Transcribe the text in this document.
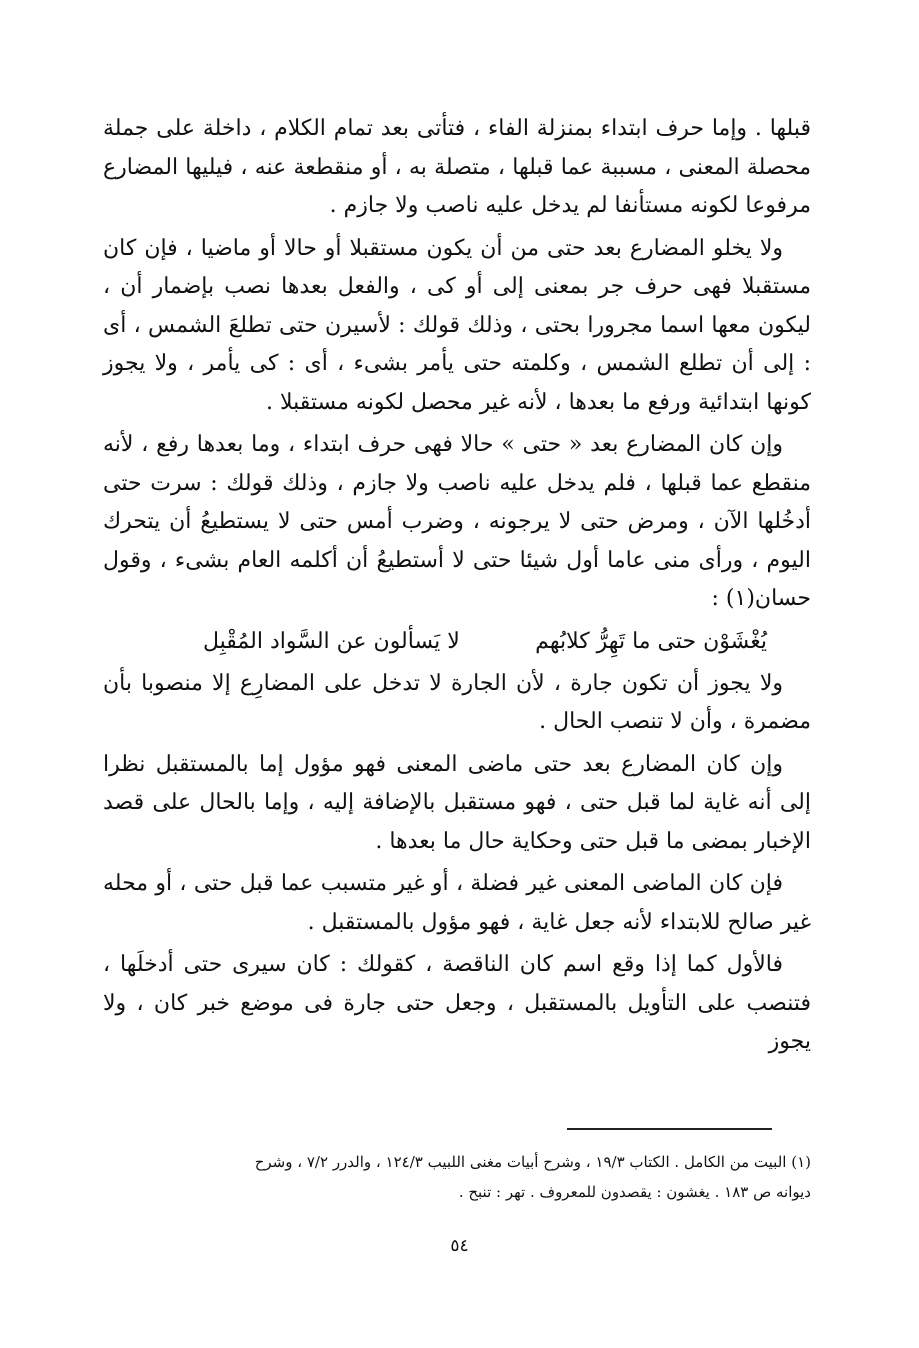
قبلها . وإما حرف ابتداء بمنزلة الفاء ، فتأتى بعد تمام الكلام ، داخلة على جملة محصلة المعنى ، مسببة عما قبلها ، متصلة به ، أو منقطعة عنه ، فيليها المضارع مرفوعا لكونه مستأنفا لم يدخل عليه ناصب ولا جازم .

ولا يخلو المضارع بعد حتى من أن يكون مستقبلا أو حالا أو ماضيا ، فإن كان مستقبلا فهى حرف جر بمعنى إلى أو كى ، والفعل بعدها نصب بإضمار أن ، ليكون معها اسما مجرورا بحتى ، وذلك قولك : لأسيرن حتى تطلعَ الشمس ، أى : إلى أن تطلع الشمس ، وكلمته حتى يأمر بشىء ، أى : كى يأمر ، ولا يجوز كونها ابتدائية ورفع ما بعدها ، لأنه غير محصل لكونه مستقبلا .

وإن كان المضارع بعد « حتى » حالا فهى حرف ابتداء ، وما بعدها رفع ، لأنه منقطع عما قبلها ، فلم يدخل عليه ناصب ولا جازم ، وذلك قولك : سرت حتى أدخُلها الآن ، ومرض حتى لا يرجونه ، وضرب أمس حتى لا يستطيعُ أن يتحرك اليوم ، ورأى منى عاما أول شيئا حتى لا أستطيعُ أن أكلمه العام بشىء ، وقول حسان(١) :

يُغْشَوْن حتى ما تَهِرُّ كلابُهم
لا يَسألون عن السَّواد المُقْبِل

ولا يجوز أن تكون جارة ، لأن الجارة لا تدخل على المضارِع إلا منصوبا بأن مضمرة ، وأن لا تنصب الحال .

وإن كان المضارع بعد حتى ماضى المعنى فهو مؤول إما بالمستقبل نظرا إلى أنه غاية لما قبل حتى ، فهو مستقبل بالإضافة إليه ، وإما بالحال على قصد الإخبار بمضى ما قبل حتى وحكاية حال ما بعدها .

فإن كان الماضى المعنى غير فضلة ، أو غير متسبب عما قبل حتى ، أو محله غير صالح للابتداء لأنه جعل غاية ، فهو مؤول بالمستقبل .

فالأول كما إذا وقع اسم كان الناقصة ، كقولك : كان سيرى حتى أدخلَها ، فتنصب على التأويل بالمستقبل ، وجعل حتى جارة فى موضع خبر كان ، ولا يجوز

(١) البيت من الكامل . الكتاب ١٩/٣ ، وشرح أبيات مغنى اللبيب ١٢٤/٣ ، والدرر ٧/٢ ، وشرح

ديوانه ص ١٨٣ . يغشون : يقصدون للمعروف . تهر : تنبح .

٥٤
